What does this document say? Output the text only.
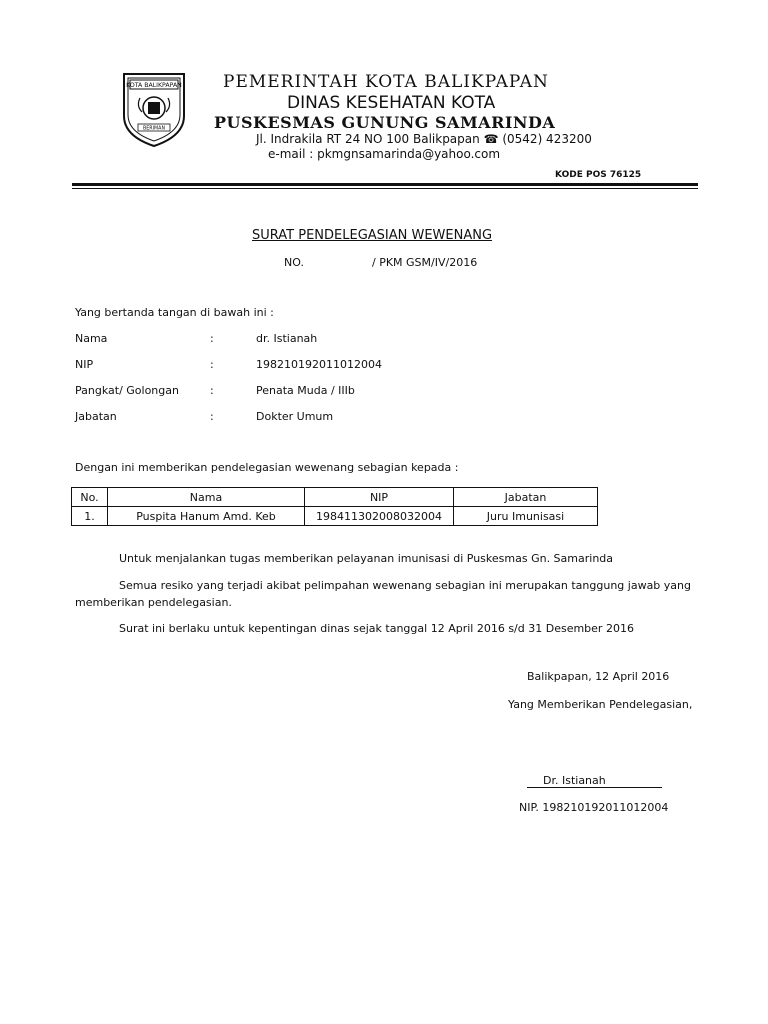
KOTA BALIKPAPAN
BERIMAN
PEMERINTAH KOTA BALIKPAPAN
DINAS KESEHATAN KOTA
PUSKESMAS GUNUNG SAMARINDA
Jl. Indrakila RT 24 NO 100 Balikpapan ☎ (0542) 423200
e-mail : pkmgnsamarinda@yahoo.com
KODE POS 76125
SURAT PENDELEGASIAN WEWENANG
NO.	/ PKM GSM/IV/2016
Yang bertanda tangan di bawah ini :
Nama	:	dr. Istianah
NIP	:	198210192011012004
Pangkat/ Golongan	:	Penata Muda / IIIb
Jabatan	:	Dokter Umum
Dengan ini memberikan pendelegasian wewenang sebagian kepada :
No.	Nama	NIP	Jabatan
1.	Puspita Hanum Amd. Keb	198411302008032004	Juru Imunisasi
Untuk menjalankan tugas memberikan pelayanan imunisasi di Puskesmas Gn. Samarinda
Semua resiko yang terjadi akibat pelimpahan wewenang sebagian ini merupakan tanggung jawab yang
memberikan pendelegasian.
Surat ini berlaku untuk kepentingan dinas sejak tanggal 12 April 2016 s/d 31 Desember 2016
Balikpapan, 12 April 2016
Yang Memberikan Pendelegasian,
Dr. Istianah
NIP. 198210192011012004
